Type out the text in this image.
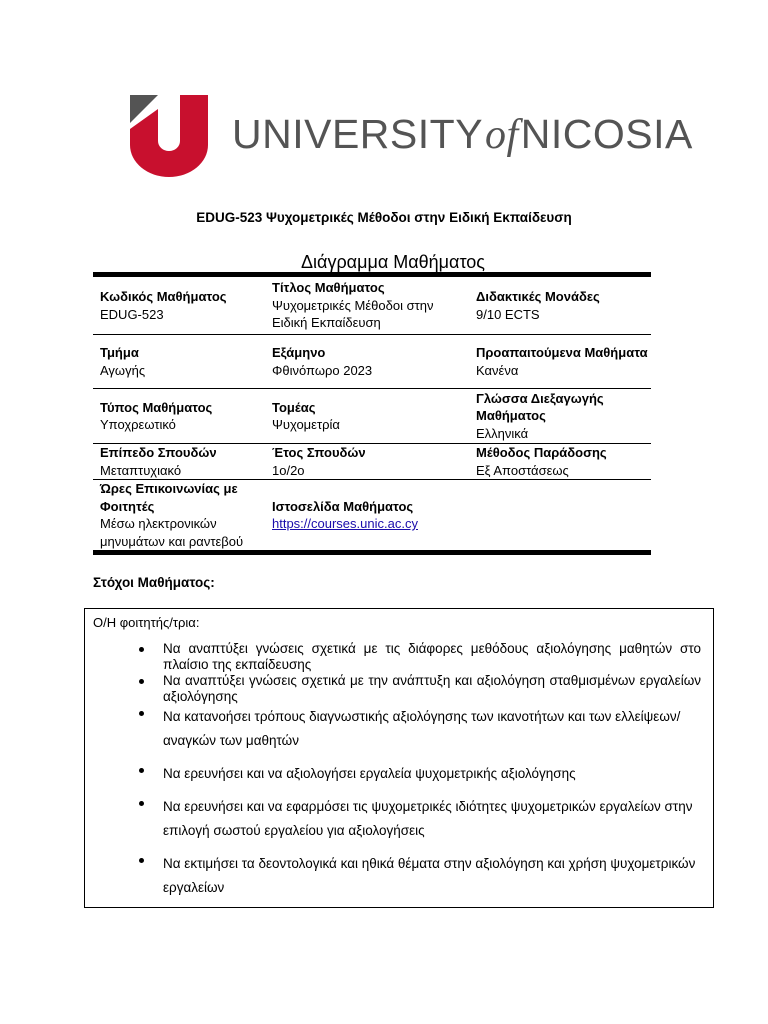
UNIVERSITYofNICOSIA
EDUG-523 Ψυχομετρικές Μέθοδοι στην Ειδική Εκπαίδευση
Διάγραμμα Μαθήματος
Κωδικός Μαθήματος
EDUG-523
Τίτλος Μαθήματος
Ψυχομετρικές Μέθοδοι στην Ειδική Εκπαίδευση
Διδακτικές Μονάδες
9/10 ECTS
Τμήμα
Αγωγής
Εξάμηνο
Φθινόπωρο 2023
Προαπαιτούμενα Μαθήματα
Κανένα
Τύπος Μαθήματος
Υποχρεωτικό
Τομέας
Ψυχομετρία
Γλώσσα Διεξαγωγής Μαθήματος
Ελληνικά
Επίπεδο Σπουδών
Μεταπτυχιακό
Έτος Σπουδών
1ο/2ο
Μέθοδος Παράδοσης
Εξ Αποστάσεως
Ώρες Επικοινωνίας με Φοιτητές
Μέσω ηλεκτρονικών μηνυμάτων και ραντεβού
Ιστοσελίδα Μαθήματος
https://courses.unic.ac.cy
Στόχοι Μαθήματος:
Ο/Η φοιτητής/τρια:
Να αναπτύξει γνώσεις σχετικά με τις διάφορες μεθόδους αξιολόγησης μαθητών στο πλαίσιο της εκπαίδευσης
Να αναπτύξει γνώσεις σχετικά με την ανάπτυξη και αξιολόγηση σταθμισμένων εργαλείων αξιολόγησης
Να κατανοήσει τρόπους διαγνωστικής αξιολόγησης των ικανοτήτων και των ελλείψεων/αναγκών των μαθητών
Να ερευνήσει και να αξιολογήσει εργαλεία ψυχομετρικής αξιολόγησης
Να ερευνήσει και να εφαρμόσει τις ψυχομετρικές ιδιότητες ψυχομετρικών εργαλείων στην επιλογή σωστού εργαλείου για αξιολογήσεις
Να εκτιμήσει τα δεοντολογικά και ηθικά θέματα στην αξιολόγηση και χρήση ψυχομετρικών εργαλείων
